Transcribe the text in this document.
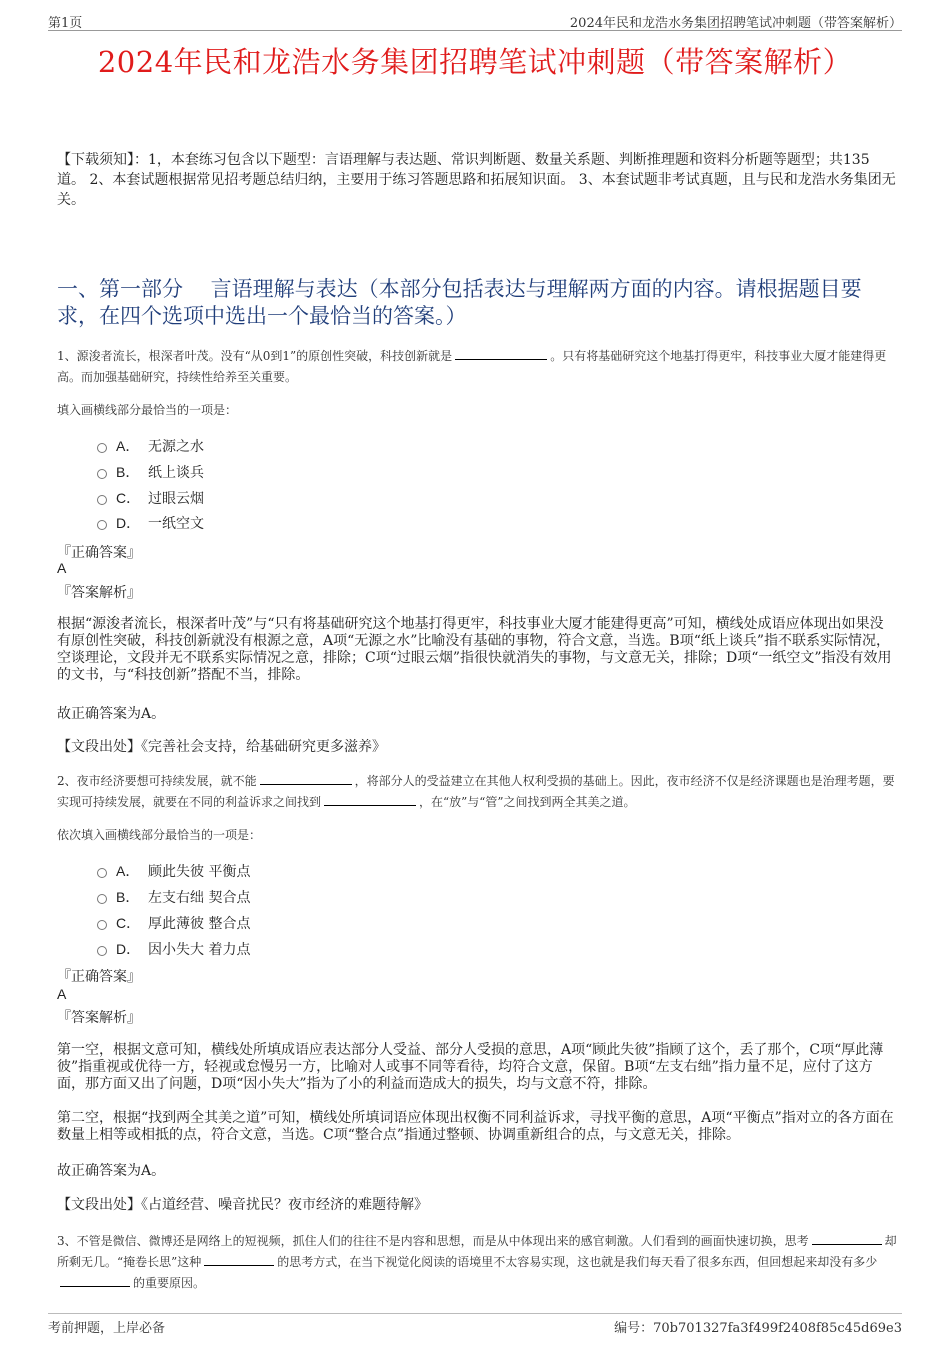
第1页	2024年民和龙浩水务集团招聘笔试冲刺题（带答案解析）
2024年民和龙浩水务集团招聘笔试冲刺题（带答案解析）
【下载须知】：1，本套练习包含以下题型：言语理解与表达题、常识判断题、数量关系题、判断推理题和资料分析题等题型；共135道。 2、本套试题根据常见招考题总结归纳，主要用于练习答题思路和拓展知识面。 3、本套试题非考试真题，且与民和龙浩水务集团无关。
一、第一部分　 言语理解与表达（本部分包括表达与理解两方面的内容。请根据题目要求，在四个选项中选出一个最恰当的答案。）
1、源浚者流长，根深者叶茂。没有“从0到1”的原创性突破，科技创新就是	。只有将基础研究这个地基打得更牢，科技事业大厦才能建得更高。而加强基础研究，持续性给养至关重要。
填入画横线部分最恰当的一项是：
A． 无源之水
B． 纸上谈兵
C． 过眼云烟
D． 一纸空文
『正确答案』
A
『答案解析』
根据“源浚者流长，根深者叶茂”与“只有将基础研究这个地基打得更牢，科技事业大厦才能建得更高”可知，横线处成语应体现出如果没有原创性突破，科技创新就没有根源之意，A项“无源之水”比喻没有基础的事物，符合文意，当选。B项“纸上谈兵”指不联系实际情况，空谈理论，文段并无不联系实际情况之意，排除；C项“过眼云烟”指很快就消失的事物，与文意无关，排除；D项“一纸空文”指没有效用的文书，与“科技创新”搭配不当，排除。
故正确答案为A。
【文段出处】《完善社会支持，给基础研究更多滋养》
2、夜市经济要想可持续发展，就不能	，将部分人的受益建立在其他人权利受损的基础上。因此，夜市经济不仅是经济课题也是治理考题，要实现可持续发展，就要在不同的利益诉求之间找到	，在“放”与“管”之间找到两全其美之道。
依次填入画横线部分最恰当的一项是：
A． 顾此失彼 平衡点
B． 左支右绌 契合点
C． 厚此薄彼 整合点
D． 因小失大 着力点
『正确答案』
A
『答案解析』
第一空，根据文意可知，横线处所填成语应表达部分人受益、部分人受损的意思，A项“顾此失彼”指顾了这个，丢了那个，C项“厚此薄彼”指重视或优待一方，轻视或怠慢另一方，比喻对人或事不同等看待，均符合文意，保留。B项“左支右绌”指力量不足，应付了这方面，那方面又出了问题，D项“因小失大”指为了小的利益而造成大的损失，均与文意不符，排除。
第二空，根据“找到两全其美之道”可知，横线处所填词语应体现出权衡不同利益诉求，寻找平衡的意思，A项“平衡点”指对立的各方面在数量上相等或相抵的点，符合文意，当选。C项“整合点”指通过整顿、协调重新组合的点，与文意无关，排除。
故正确答案为A。
【文段出处】《占道经营、噪音扰民？夜市经济的难题待解》
3、不管是微信、微博还是网络上的短视频，抓住人们的往往不是内容和思想，而是从中体现出来的感官刺激。人们看到的画面快速切换，思考	却所剩无几。“掩卷长思”这种	的思考方式，在当下视觉化阅读的语境里不太容易实现，这也就是我们每天看了很多东西，但回想起来却没有多少的重要原因。
考前押题，上岸必备	编号：70b701327fa3f499f2408f85c45d69e3
